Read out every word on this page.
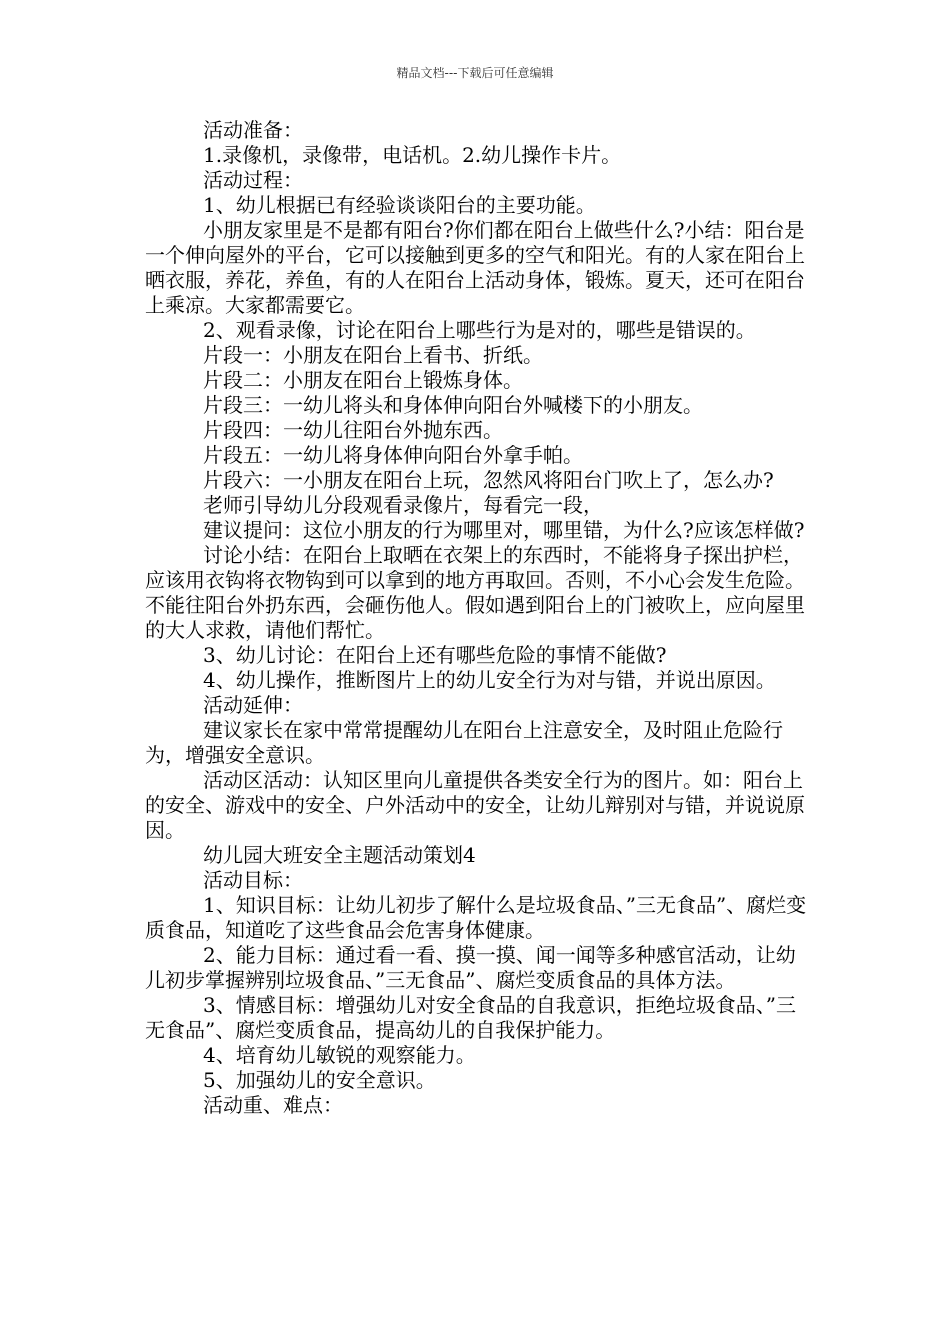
精品文档---下载后可任意编辑

活动准备：

1.录像机，录像带，电话机。2.幼儿操作卡片。

活动过程：

1、幼儿根据已有经验谈谈阳台的主要功能。

小朋友家里是不是都有阳台?你们都在阳台上做些什么?小结：阳台是一个伸向屋外的平台，它可以接触到更多的空气和阳光。有的人家在阳台上晒衣服，养花，养鱼，有的人在阳台上活动身体，锻炼。夏天，还可在阳台上乘凉。大家都需要它。

2、观看录像，讨论在阳台上哪些行为是对的，哪些是错误的。

片段一：小朋友在阳台上看书、折纸。

片段二：小朋友在阳台上锻炼身体。

片段三：一幼儿将头和身体伸向阳台外喊楼下的小朋友。

片段四：一幼儿往阳台外抛东西。

片段五：一幼儿将身体伸向阳台外拿手帕。

片段六：一小朋友在阳台上玩，忽然风将阳台门吹上了，怎么办?

老师引导幼儿分段观看录像片，每看完一段，

建议提问：这位小朋友的行为哪里对，哪里错，为什么?应该怎样做?

讨论小结：在阳台上取晒在衣架上的东西时，不能将身子探出护栏，应该用衣钩将衣物钩到可以拿到的地方再取回。否则，不小心会发生危险。不能往阳台外扔东西，会砸伤他人。假如遇到阳台上的门被吹上，应向屋里的大人求救，请他们帮忙。

3、幼儿讨论：在阳台上还有哪些危险的事情不能做?

4、幼儿操作，推断图片上的幼儿安全行为对与错，并说出原因。

活动延伸：

建议家长在家中常常提醒幼儿在阳台上注意安全，及时阻止危险行为，增强安全意识。

活动区活动：认知区里向儿童提供各类安全行为的图片。如：阳台上的安全、游戏中的安全、户外活动中的安全，让幼儿辩别对与错，并说说原因。

幼儿园大班安全主题活动策划4

活动目标：

1、知识目标：让幼儿初步了解什么是垃圾食品、”三无食品”、腐烂变质食品，知道吃了这些食品会危害身体健康。

2、能力目标：通过看一看、摸一摸、闻一闻等多种感官活动，让幼儿初步掌握辨别垃圾食品、”三无食品”、腐烂变质食品的具体方法。

3、情感目标：增强幼儿对安全食品的自我意识，拒绝垃圾食品、”三无食品”、腐烂变质食品，提高幼儿的自我保护能力。

4、培育幼儿敏锐的观察能力。

5、加强幼儿的安全意识。

活动重、难点：
